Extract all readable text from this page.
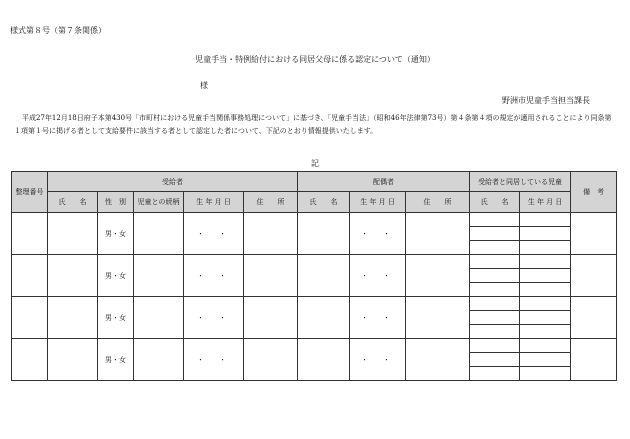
様式第８号（第７条関係）
児童手当・特例給付における同居父母に係る認定について（通知）
様
野洲市児童手当担当課長
平成27年12月18日府子本第430号「市町村における児童手当関係事務処理について」に基づき、「児童手当法」（昭和46年法律第73号）第４条第４項の規定が適用されることにより同条第１項第１号に掲げる者として支給要件に該当する者として認定した者について、下記のとおり情報提供いたします。
記
整理番号	受給者					配偶者			受給者と同居している児童		備　考
	氏　　名	性　別	児童との続柄	生 年 月 日	住　　所	氏　　名	生 年 月 日	住　　所	氏　　名	生 年 月 日	
		男・女		・　・			・　・				

		男・女		・　・			・　・				

		男・女		・　・			・　・				

		男・女		・　・			・　・				
